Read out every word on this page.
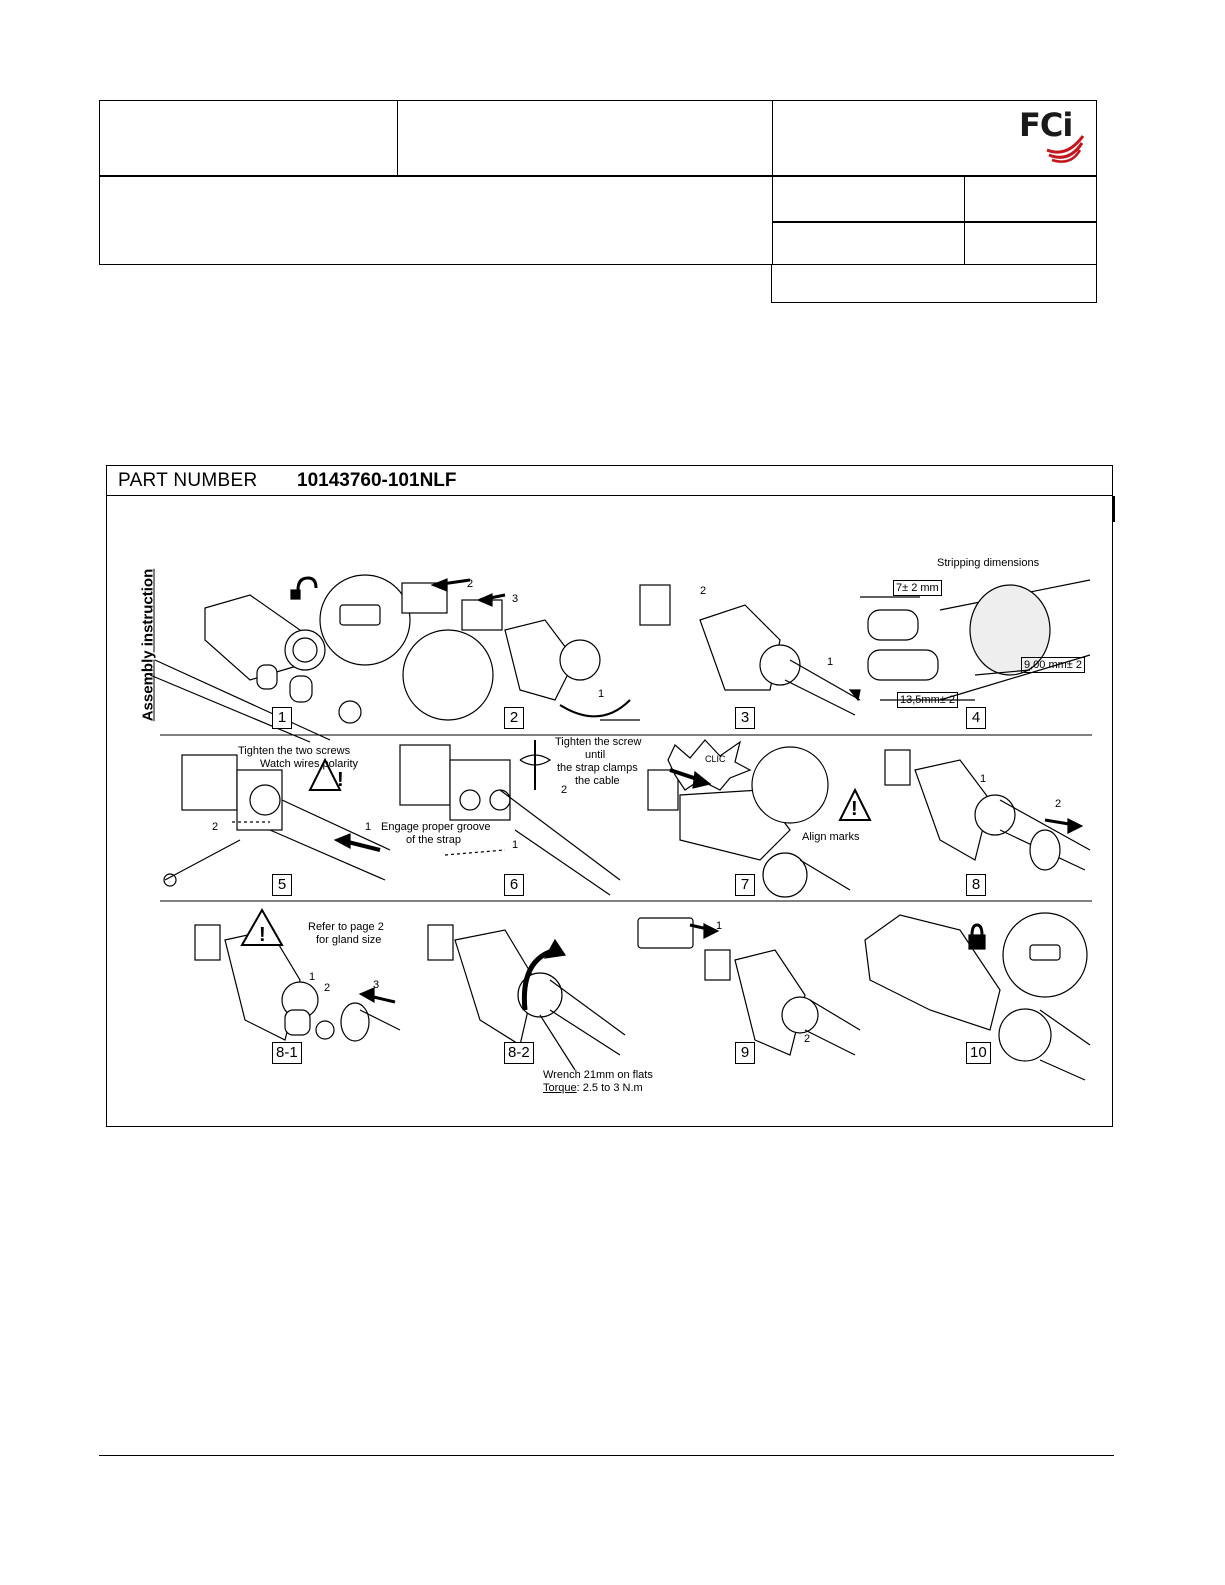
FCi
PART NUMBER 10143760-101NLF
Assembly instruction
!
!
!
2
3
1
2
1
Stripping dimensions
7± 2 mm
9,00 mm± 2
13,5mm± 2
Tighten the two screws
Watch wires polarity
2	1
Tighten the screw
until
the strap clamps
the cable
2
Engage proper groove
of the strap	1
CLIC
Align marks
1
2
Refer to page 2
for gland size
1
2	3
Wrench 21mm on flats
Torque: 2.5 to 3 N.m
1
2
1	2	3	4
5	6	7	8
8-1	8-2	9	10
